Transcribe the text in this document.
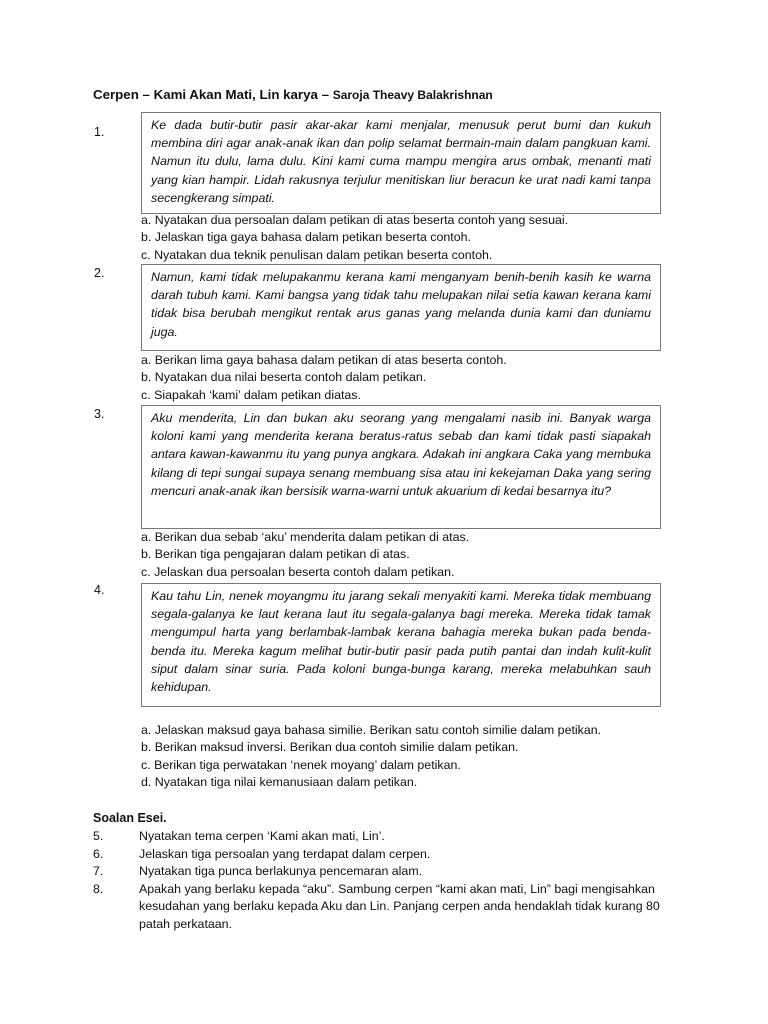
Cerpen – Kami Akan Mati, Lin karya – Saroja Theavy Balakrishnan
1.	Ke dada butir-butir pasir akar-akar kami menjalar, menusuk perut bumi dan kukuh membina diri agar anak-anak ikan dan polip selamat bermain-main dalam pangkuan kami. Namun itu dulu, lama dulu. Kini kami cuma mampu mengira arus ombak, menanti mati yang kian hampir. Lidah rakusnya terjulur menitiskan liur beracun ke urat nadi kami tanpa secengkerang simpati.

a. Nyatakan dua persoalan dalam petikan di atas beserta contoh yang sesuai.
b. Jelaskan tiga gaya bahasa dalam petikan beserta contoh.
c. Nyatakan dua teknik penulisan dalam petikan beserta contoh.
2.	Namun, kami tidak melupakanmu kerana kami menganyam benih-benih kasih ke warna darah tubuh kami. Kami bangsa yang tidak tahu melupakan nilai setia kawan kerana kami tidak bisa berubah mengikut rentak arus ganas yang melanda dunia kami dan duniamu juga.

a. Berikan lima gaya bahasa dalam petikan di atas beserta contoh.
b. Nyatakan dua nilai beserta contoh dalam petikan.
c. Siapakah ‘kami’ dalam petikan diatas.
3.	Aku menderita, Lin dan bukan aku seorang yang mengalami nasib ini. Banyak warga koloni kami yang menderita kerana beratus-ratus sebab dan kami tidak pasti siapakah antara kawan-kawanmu itu yang punya angkara. Adakah ini angkara Caka yang membuka kilang di tepi sungai supaya senang membuang sisa atau ini kekejaman Daka yang sering mencuri anak-anak ikan bersisik warna-warni untuk akuarium di kedai besarnya itu?

a. Berikan dua sebab ‘aku’ menderita dalam petikan di atas.
b. Berikan tiga pengajaran dalam petikan di atas.
c. Jelaskan dua persoalan beserta contoh dalam petikan.
4.	Kau tahu Lin, nenek moyangmu itu jarang sekali menyakiti kami. Mereka tidak membuang segala-galanya ke laut kerana laut itu segala-galanya bagi mereka. Mereka tidak tamak mengumpul harta yang berlambak-lambak kerana bahagia mereka bukan pada benda-benda itu. Mereka kagum melihat butir-butir pasir pada putih pantai dan indah kulit-kulit siput dalam sinar suria. Pada koloni bunga-bunga karang, mereka melabuhkan sauh kehidupan.

a. Jelaskan maksud gaya bahasa similie. Berikan satu contoh similie dalam petikan.
b. Berikan maksud inversi. Berikan dua contoh similie dalam petikan.
c. Berikan tiga perwatakan ‘nenek moyang’ dalam petikan.
d. Nyatakan tiga nilai kemanusiaan dalam petikan.
Soalan Esei.
5.	Nyatakan tema cerpen ‘Kami akan mati, Lin’.
6.	Jelaskan tiga persoalan yang terdapat dalam cerpen.
7.	Nyatakan tiga punca berlakunya pencemaran alam.
8.	Apakah yang berlaku kepada “aku”. Sambung cerpen “kami akan mati, Lin” bagi mengisahkan kesudahan yang berlaku kepada Aku dan Lin. Panjang cerpen anda hendaklah tidak kurang 80 patah perkataan.
